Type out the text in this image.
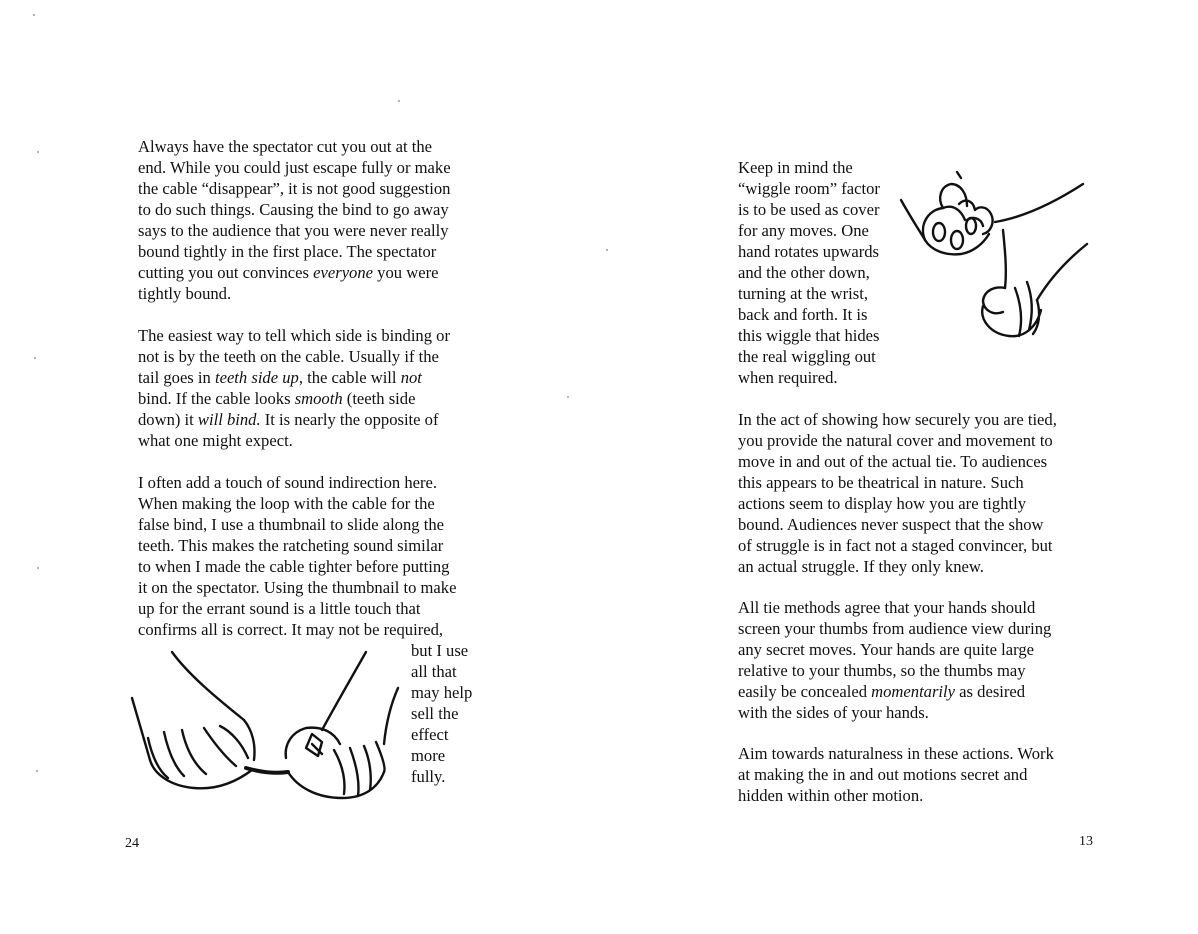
Always have the spectator cut you out at the
end. While you could just escape fully or make
the cable “disappear”, it is not good suggestion
to do such things. Causing the bind to go away
says to the audience that you were never really
bound tightly in the first place. The spectator
cutting you out convinces everyone you were
tightly bound.
The easiest way to tell which side is binding or
not is by the teeth on the cable. Usually if the
tail goes in teeth side up, the cable will not
bind. If the cable looks smooth (teeth side
down) it will bind. It is nearly the opposite of
what one might expect.
I often add a touch of sound indirection here.
When making the loop with the cable for the
false bind, I use a thumbnail to slide along the
teeth. This makes the ratcheting sound similar
to when I made the cable tighter before putting
it on the spectator. Using the thumbnail to make
up for the errant sound is a little touch that
confirms all is correct. It may not be required,
but I use
all that
may help
sell the
effect
more
fully.
24
Keep in mind the
“wiggle room” factor
is to be used as cover
for any moves. One
hand rotates upwards
and the other down,
turning at the wrist,
back and forth. It is
this wiggle that hides
the real wiggling out
when required.
In the act of showing how securely you are tied,
you provide the natural cover and movement to
move in and out of the actual tie. To audiences
this appears to be theatrical in nature. Such
actions seem to display how you are tightly
bound. Audiences never suspect that the show
of struggle is in fact not a staged convincer, but
an actual struggle. If they only knew.
All tie methods agree that your hands should
screen your thumbs from audience view during
any secret moves. Your hands are quite large
relative to your thumbs, so the thumbs may
easily be concealed momentarily as desired
with the sides of your hands.
Aim towards naturalness in these actions. Work
at making the in and out motions secret and
hidden within other motion.
13
